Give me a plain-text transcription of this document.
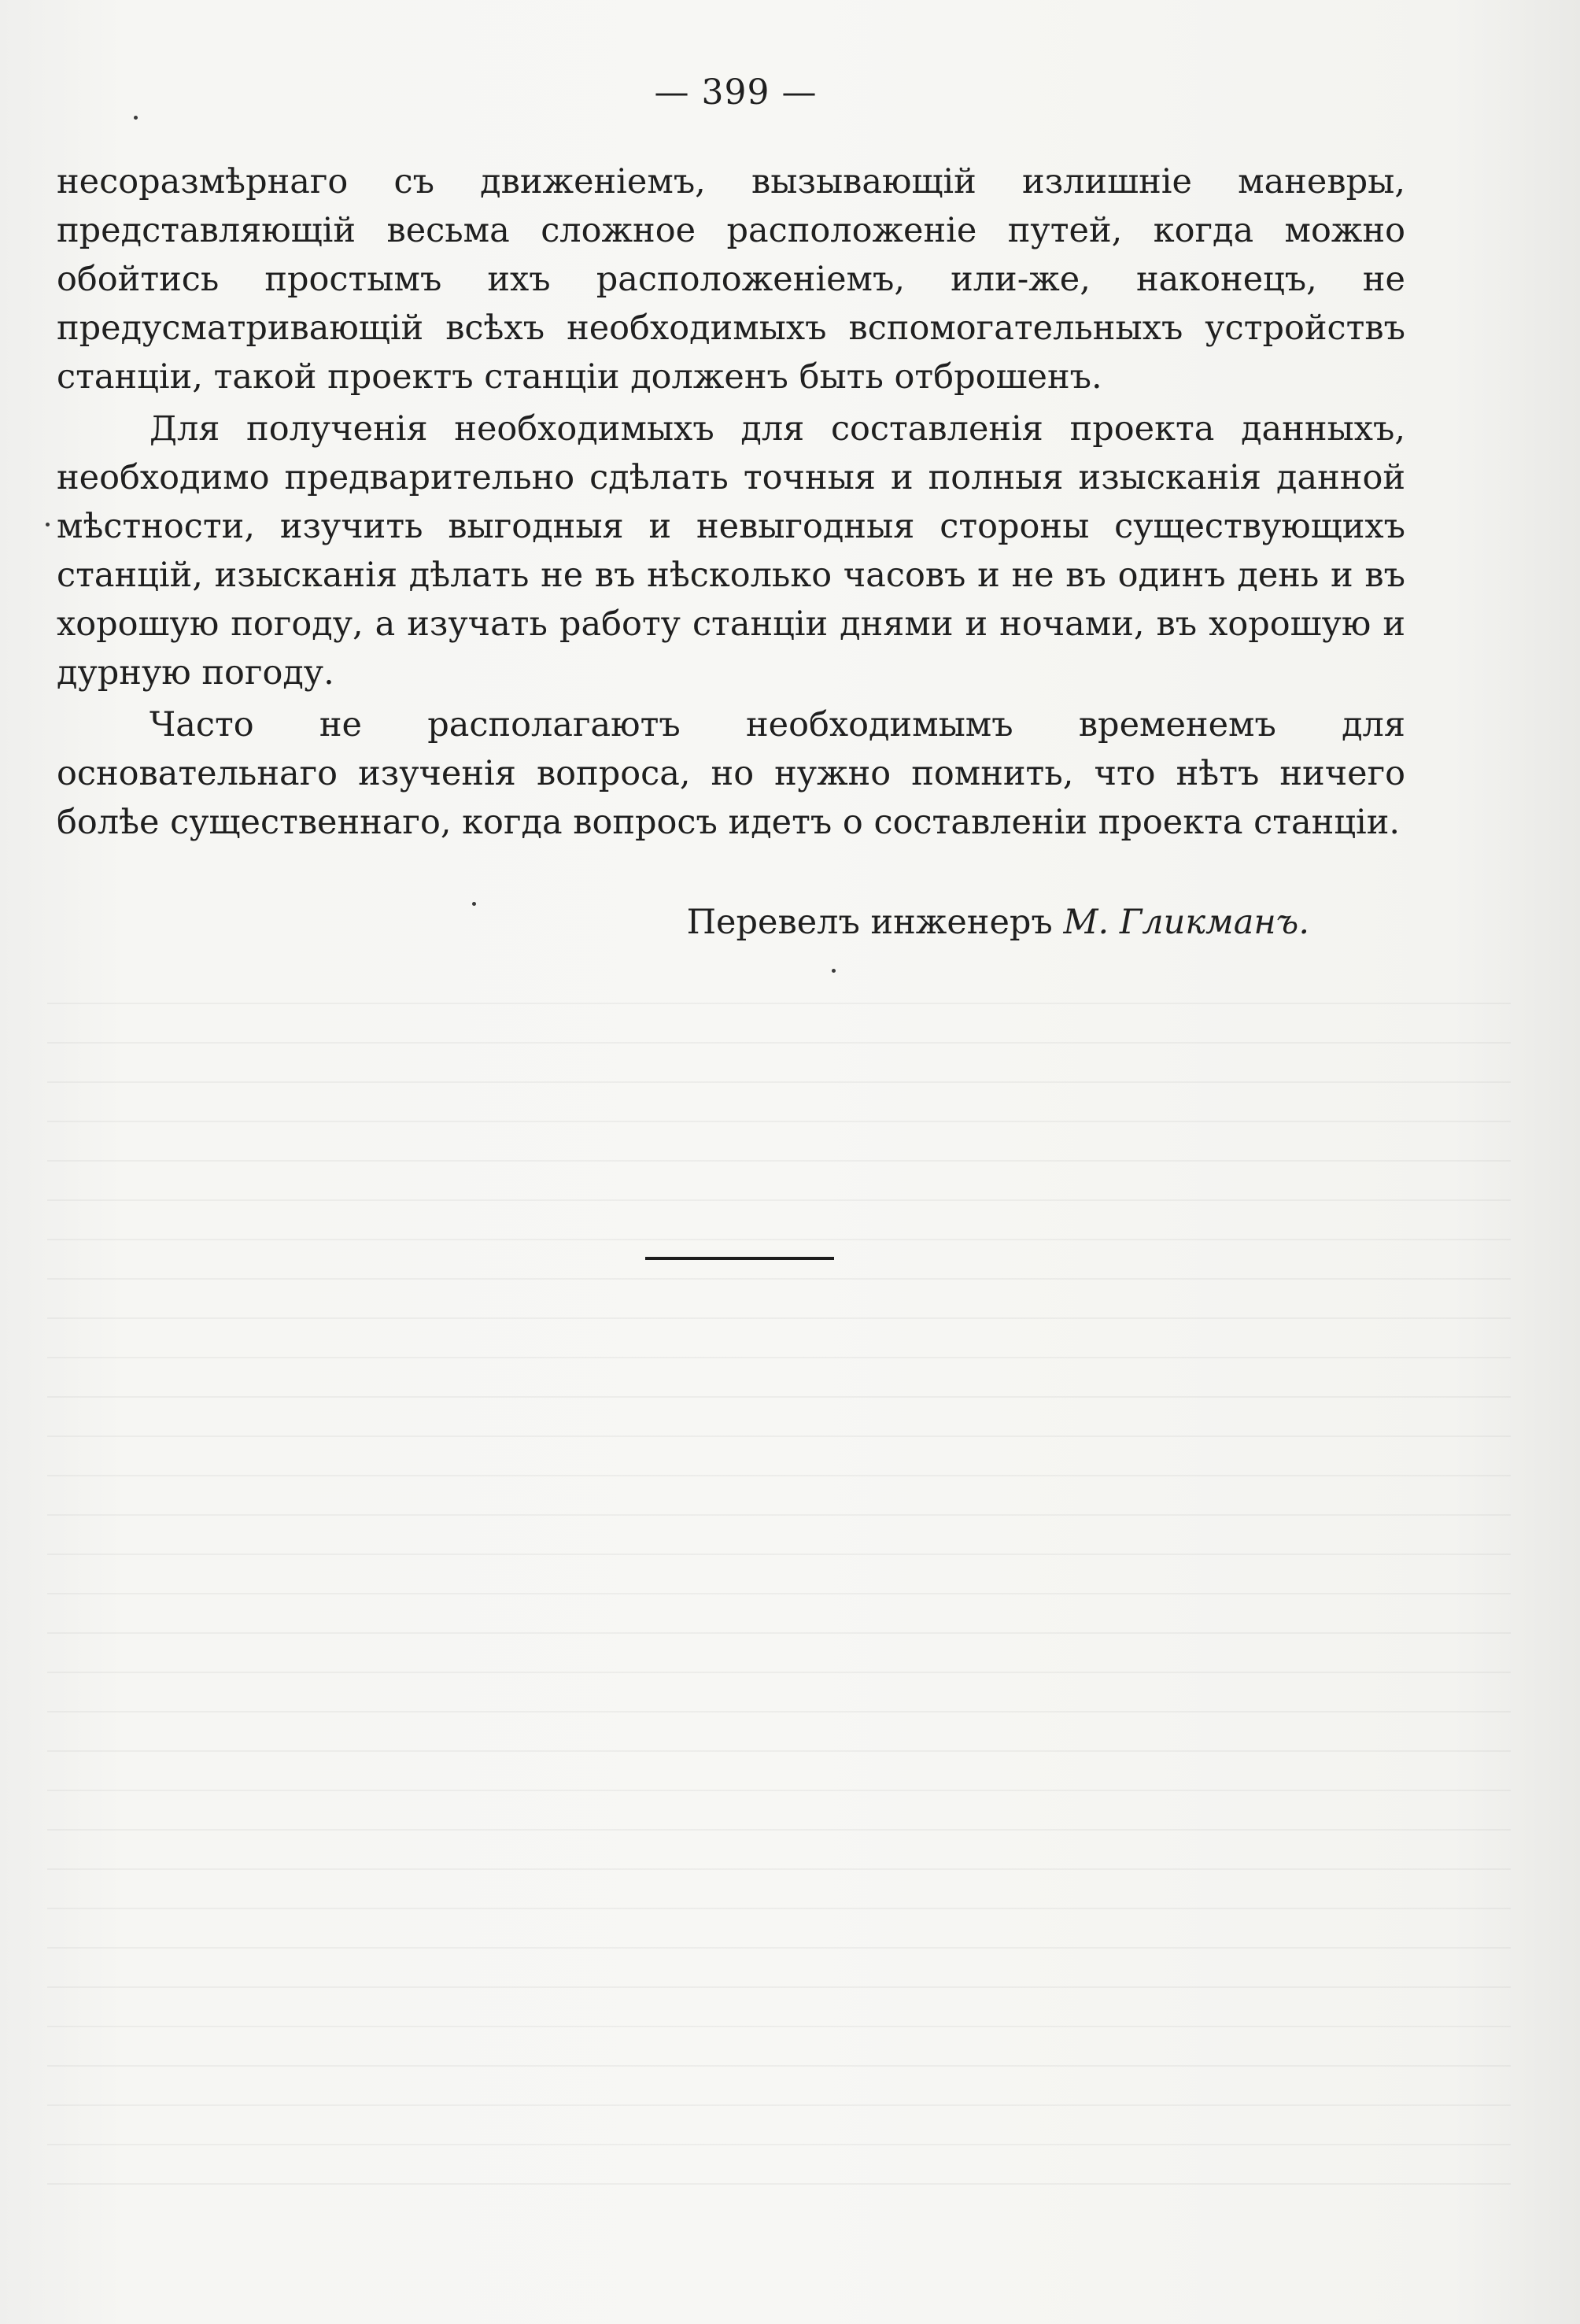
— 399 —

несоразмѣрнаго съ движеніемъ, вызывающій излишніе маневры, представляющій весьма сложное расположеніе путей, когда можно обойтись простымъ ихъ расположеніемъ, или-же, наконецъ, не предусматривающій всѣхъ необходимыхъ вспомогательныхъ устройствъ станціи, такой проектъ станціи долженъ быть отброшенъ.

Для полученія необходимыхъ для составленія проекта данныхъ, необходимо предварительно сдѣлать точныя и полныя изысканія данной мѣстности, изучить выгодныя и невыгодныя стороны существующихъ станцій, изысканія дѣлать не въ нѣсколько часовъ и не въ одинъ день и въ хорошую погоду, а изучать работу станціи днями и ночами, въ хорошую и дурную погоду.

Часто не располагаютъ необходимымъ временемъ для основательнаго изученія вопроса, но нужно помнить, что нѣтъ ничего болѣе существеннаго, когда вопросъ идетъ о составленіи проекта станціи.

Перевелъ инженеръ М. Гликманъ.
